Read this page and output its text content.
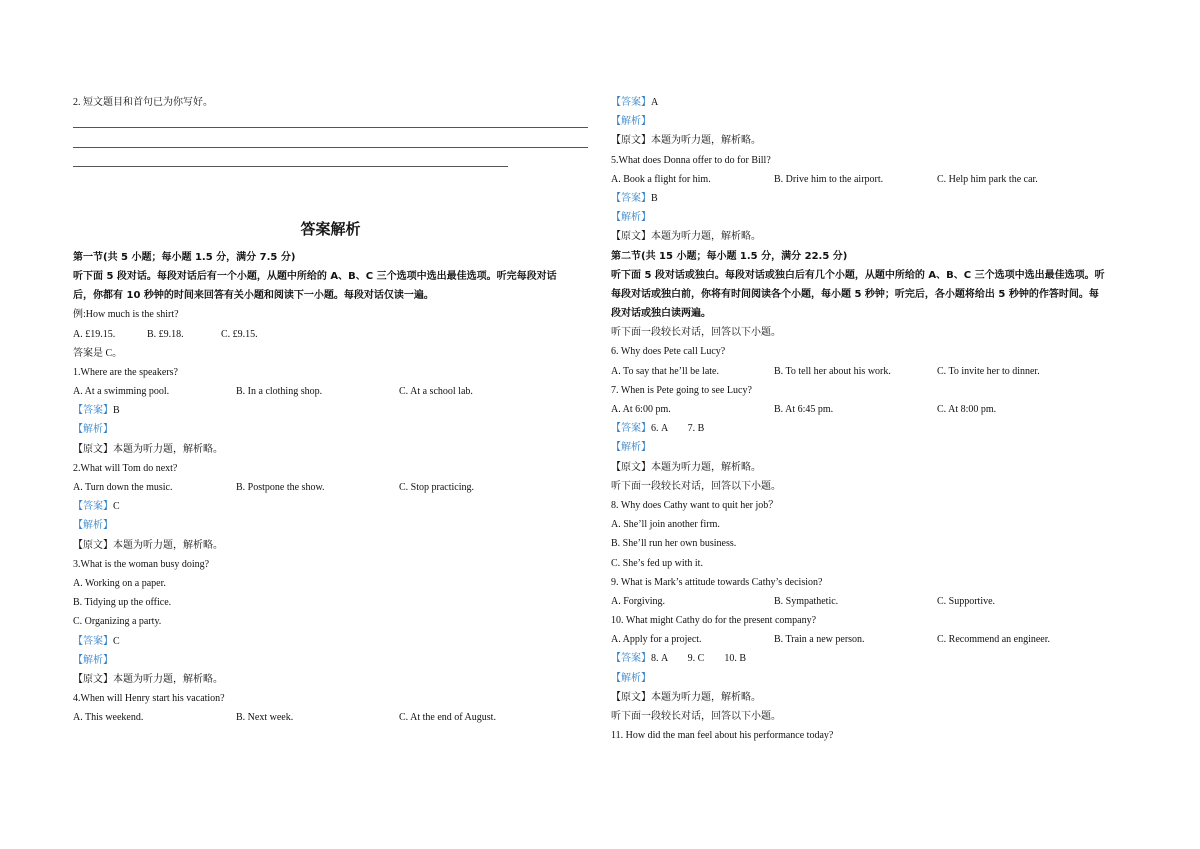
2. 短文题目和首句已为你写好。
答案解析
第一节(共 5 小题；每小题 1.5 分，满分 7.5 分)
听下面 5 段对话。每段对话后有一个小题，从题中所给的 A、B、C 三个选项中选出最佳选项。听完每段对话
后，你都有 10 秒钟的时间来回答有关小题和阅读下一小题。每段对话仅读一遍。
例:How much is the shirt?
A. £19.15.	B. £9.18.	C. £9.15.
答案是 C。
1.Where are the speakers?
A. At a swimming pool.	B. In a clothing shop.	C. At a school lab.
【答案】B
【解析】
【原文】本题为听力题，解析略。
2.What will Tom do next?
A. Turn down the music.	B. Postpone the show.	C. Stop practicing.
【答案】C
【解析】
【原文】本题为听力题，解析略。
3.What is the woman busy doing?
A. Working on a paper.
B. Tidying up the office.
C. Organizing a party.
【答案】C
【解析】
【原文】本题为听力题，解析略。
4.When will Henry start his vacation?
A. This weekend.	B. Next week.	C. At the end of August.
【答案】A
【解析】
【原文】本题为听力题，解析略。
5.What does Donna offer to do for Bill?
A. Book a flight for him.	B. Drive him to the airport.	C. Help him park the car.
【答案】B
【解析】
【原文】本题为听力题，解析略。
第二节(共 15 小题；每小题 1.5 分，满分 22.5 分)
听下面 5 段对话或独白。每段对话或独白后有几个小题，从题中所给的 A、B、C 三个选项中选出最佳选项。听
每段对话或独白前，你将有时间阅读各个小题，每小题 5 秒钟；听完后，各小题将给出 5 秒钟的作答时间。每
段对话或独白读两遍。
听下面一段较长对话，回答以下小题。
6. Why does Pete call Lucy?
A. To say that he’ll be late.	B. To tell her about his work.	C. To invite her to dinner.
7. When is Pete going to see Lucy?
A. At 6:00 pm.	B. At 6:45 pm.	C. At 8:00 pm.
【答案】6. A        7. B
【解析】
【原文】本题为听力题，解析略。
听下面一段较长对话，回答以下小题。
8. Why does Cathy want to quit her job？
A. She’ll join another firm.
B. She’ll run her own business.
C. She’s fed up with it.
9. What is Mark’s attitude towards Cathy’s decision?
A. Forgiving.	B. Sympathetic.	C. Supportive.
10. What might Cathy do for the present company?
A. Apply for a project.	B. Train a new person.	C. Recommend an engineer.
【答案】8. A        9. C        10. B
【解析】
【原文】本题为听力题，解析略。
听下面一段较长对话，回答以下小题。
11. How did the man feel about his performance today?
